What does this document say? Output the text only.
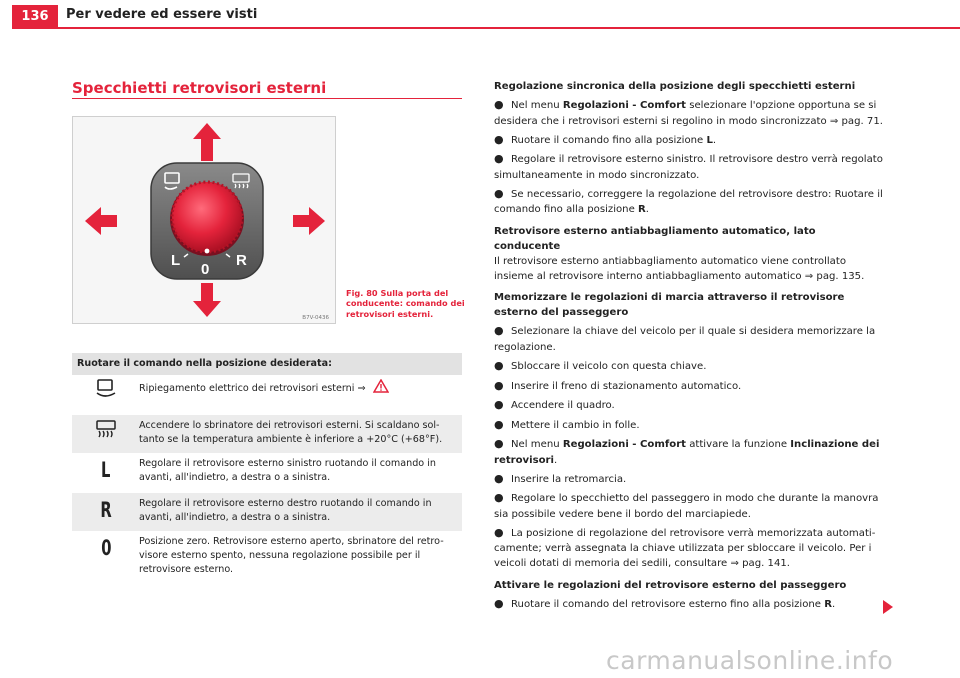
136	Per vedere ed essere visti
Specchietti retrovisori esterni
L
0
R
B7V-0436
Fig. 80 Sulla porta del conducente: comando dei retrovisori esterni.
Ruotare il comando nella posizione desiderata:
Ripiegamento elettrico dei retrovisori esterni ⇒
Accendere lo sbrinatore dei retrovisori esterni. Si scaldano sol-tanto se la temperatura ambiente è inferiore a +20°C (+68°F).
L	Regolare il retrovisore esterno sinistro ruotando il comando in avanti, all'indietro, a destra o a sinistra.
R	Regolare il retrovisore esterno destro ruotando il comando in avanti, all'indietro, a destra o a sinistra.
0	Posizione zero. Retrovisore esterno aperto, sbrinatore del retro-visore esterno spento, nessuna regolazione possibile per il retrovisore esterno.

Regolazione sincronica della posizione degli specchietti esterni

● Nel menu Regolazioni - Comfort selezionare l'opzione opportuna se si desidera che i retrovisori esterni si regolino in modo sincronizzato ⇒ pag. 71.

● Ruotare il comando fino alla posizione L.

● Regolare il retrovisore esterno sinistro. Il retrovisore destro verrà regolato simultaneamente in modo sincronizzato.

● Se necessario, correggere la regolazione del retrovisore destro: Ruotare il comando fino alla posizione R.

Retrovisore esterno antiabbagliamento automatico, lato conducente

Il retrovisore esterno antiabbagliamento automatico viene controllato insieme al retrovisore interno antiabbagliamento automatico ⇒ pag. 135.

Memorizzare le regolazioni di marcia attraverso il retrovisore esterno del passeggero

● Selezionare la chiave del veicolo per il quale si desidera memorizzare la regolazione.

● Sbloccare il veicolo con questa chiave.

● Inserire il freno di stazionamento automatico.

● Accendere il quadro.

● Mettere il cambio in folle.

● Nel menu Regolazioni - Comfort attivare la funzione Inclinazione dei retrovisori.

● Inserire la retromarcia.

● Regolare lo specchietto del passeggero in modo che durante la manovra sia possibile vedere bene il bordo del marciapiede.

● La posizione di regolazione del retrovisore verrà memorizzata automati-camente; verrà assegnata la chiave utilizzata per sbloccare il veicolo. Per i veicoli dotati di memoria dei sedili, consultare ⇒ pag. 141.

Attivare le regolazioni del retrovisore esterno del passeggero

● Ruotare il comando del retrovisore esterno fino alla posizione R.

carmanualsonline.info
